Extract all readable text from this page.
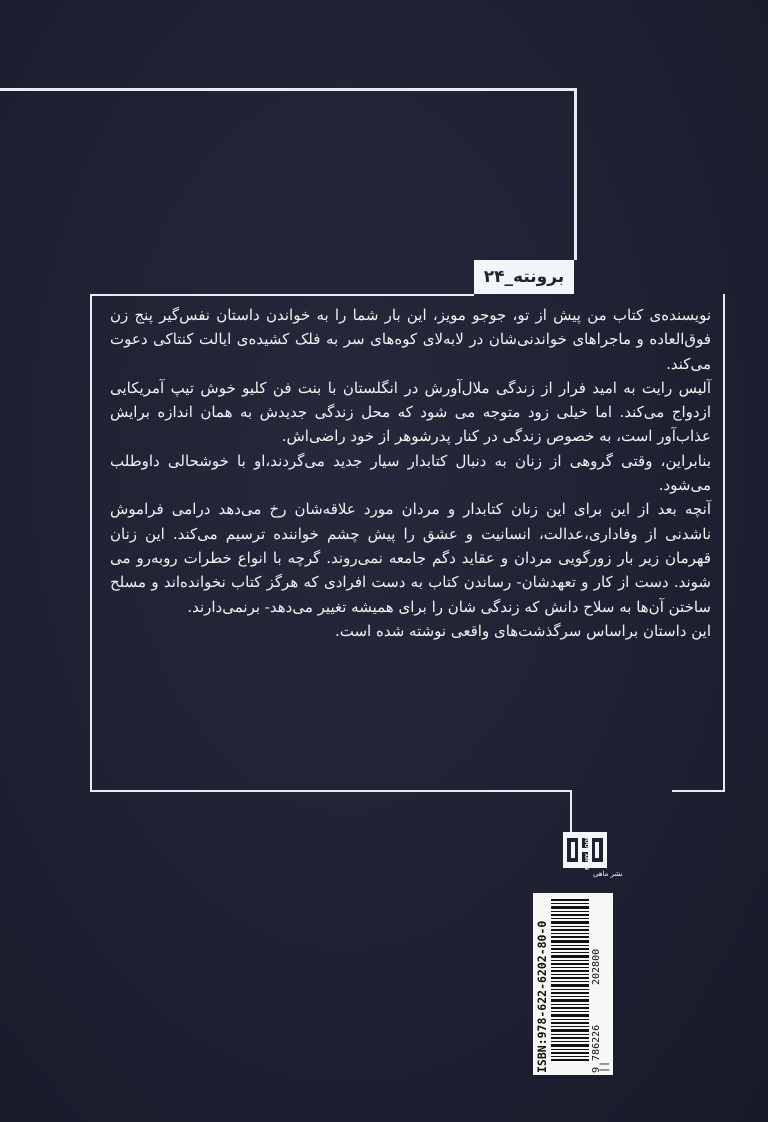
برونته_۲۴

نویسنده‌ی کتاب من پیش از تو، جوجو مویز، این بار شما را به خواندن داستان نفس‌گیر پنج زن فوق‌العاده و ماجراهای خواندنی‌شان در لابه‌لای کوه‌های سر به فلک کشیده‌ی ایالت کنتاکی دعوت می‌کند.

آلیس رایت به امید فرار از زندگی ملال‌آورش در انگلستان با بنت فن کلیو خوش تیپ آمریکایی ازدواج می‌کند. اما خیلی زود متوجه می شود که محل زندگی جدیدش به همان اندازه برایش عذاب‌آور است، به خصوص زندگی در کنار پدرشوهر از خود راضی‌اش.

بنابراین، وقتی گروهی از زنان به دنبال کتابدار سیار جدید می‌گردند،او با خوشحالی داوطلب می‌شود.

آنچه بعد از این برای این زنان کتابدار و مردان مورد علاقه‌شان رخ می‌دهد درامی فراموش ناشدنی از وفاداری،عدالت، انسانیت و عشق را پیش چشم خواننده ترسیم می‌کند. این زنان قهرمان زیر بار زورگویی مردان و عقاید دگم جامعه نمی‌روند. گرچه با انواع خطرات روبه‌رو می شوند. دست از کار و تعهدشان- رساندن کتاب به دست افرادی که هرگز کتاب نخوانده‌اند و مسلح ساختن آن‌ها به سلاح دانش که زندگی شان را برای همیشه تغییر می‌دهد- برنمی‌دارند.

این داستان براساس سرگذشت‌های واقعی نوشته شده است.

MAHY BOOK
نشر ماهی
ISBN:978-622-6202-80-0	9 786226
202800
||
